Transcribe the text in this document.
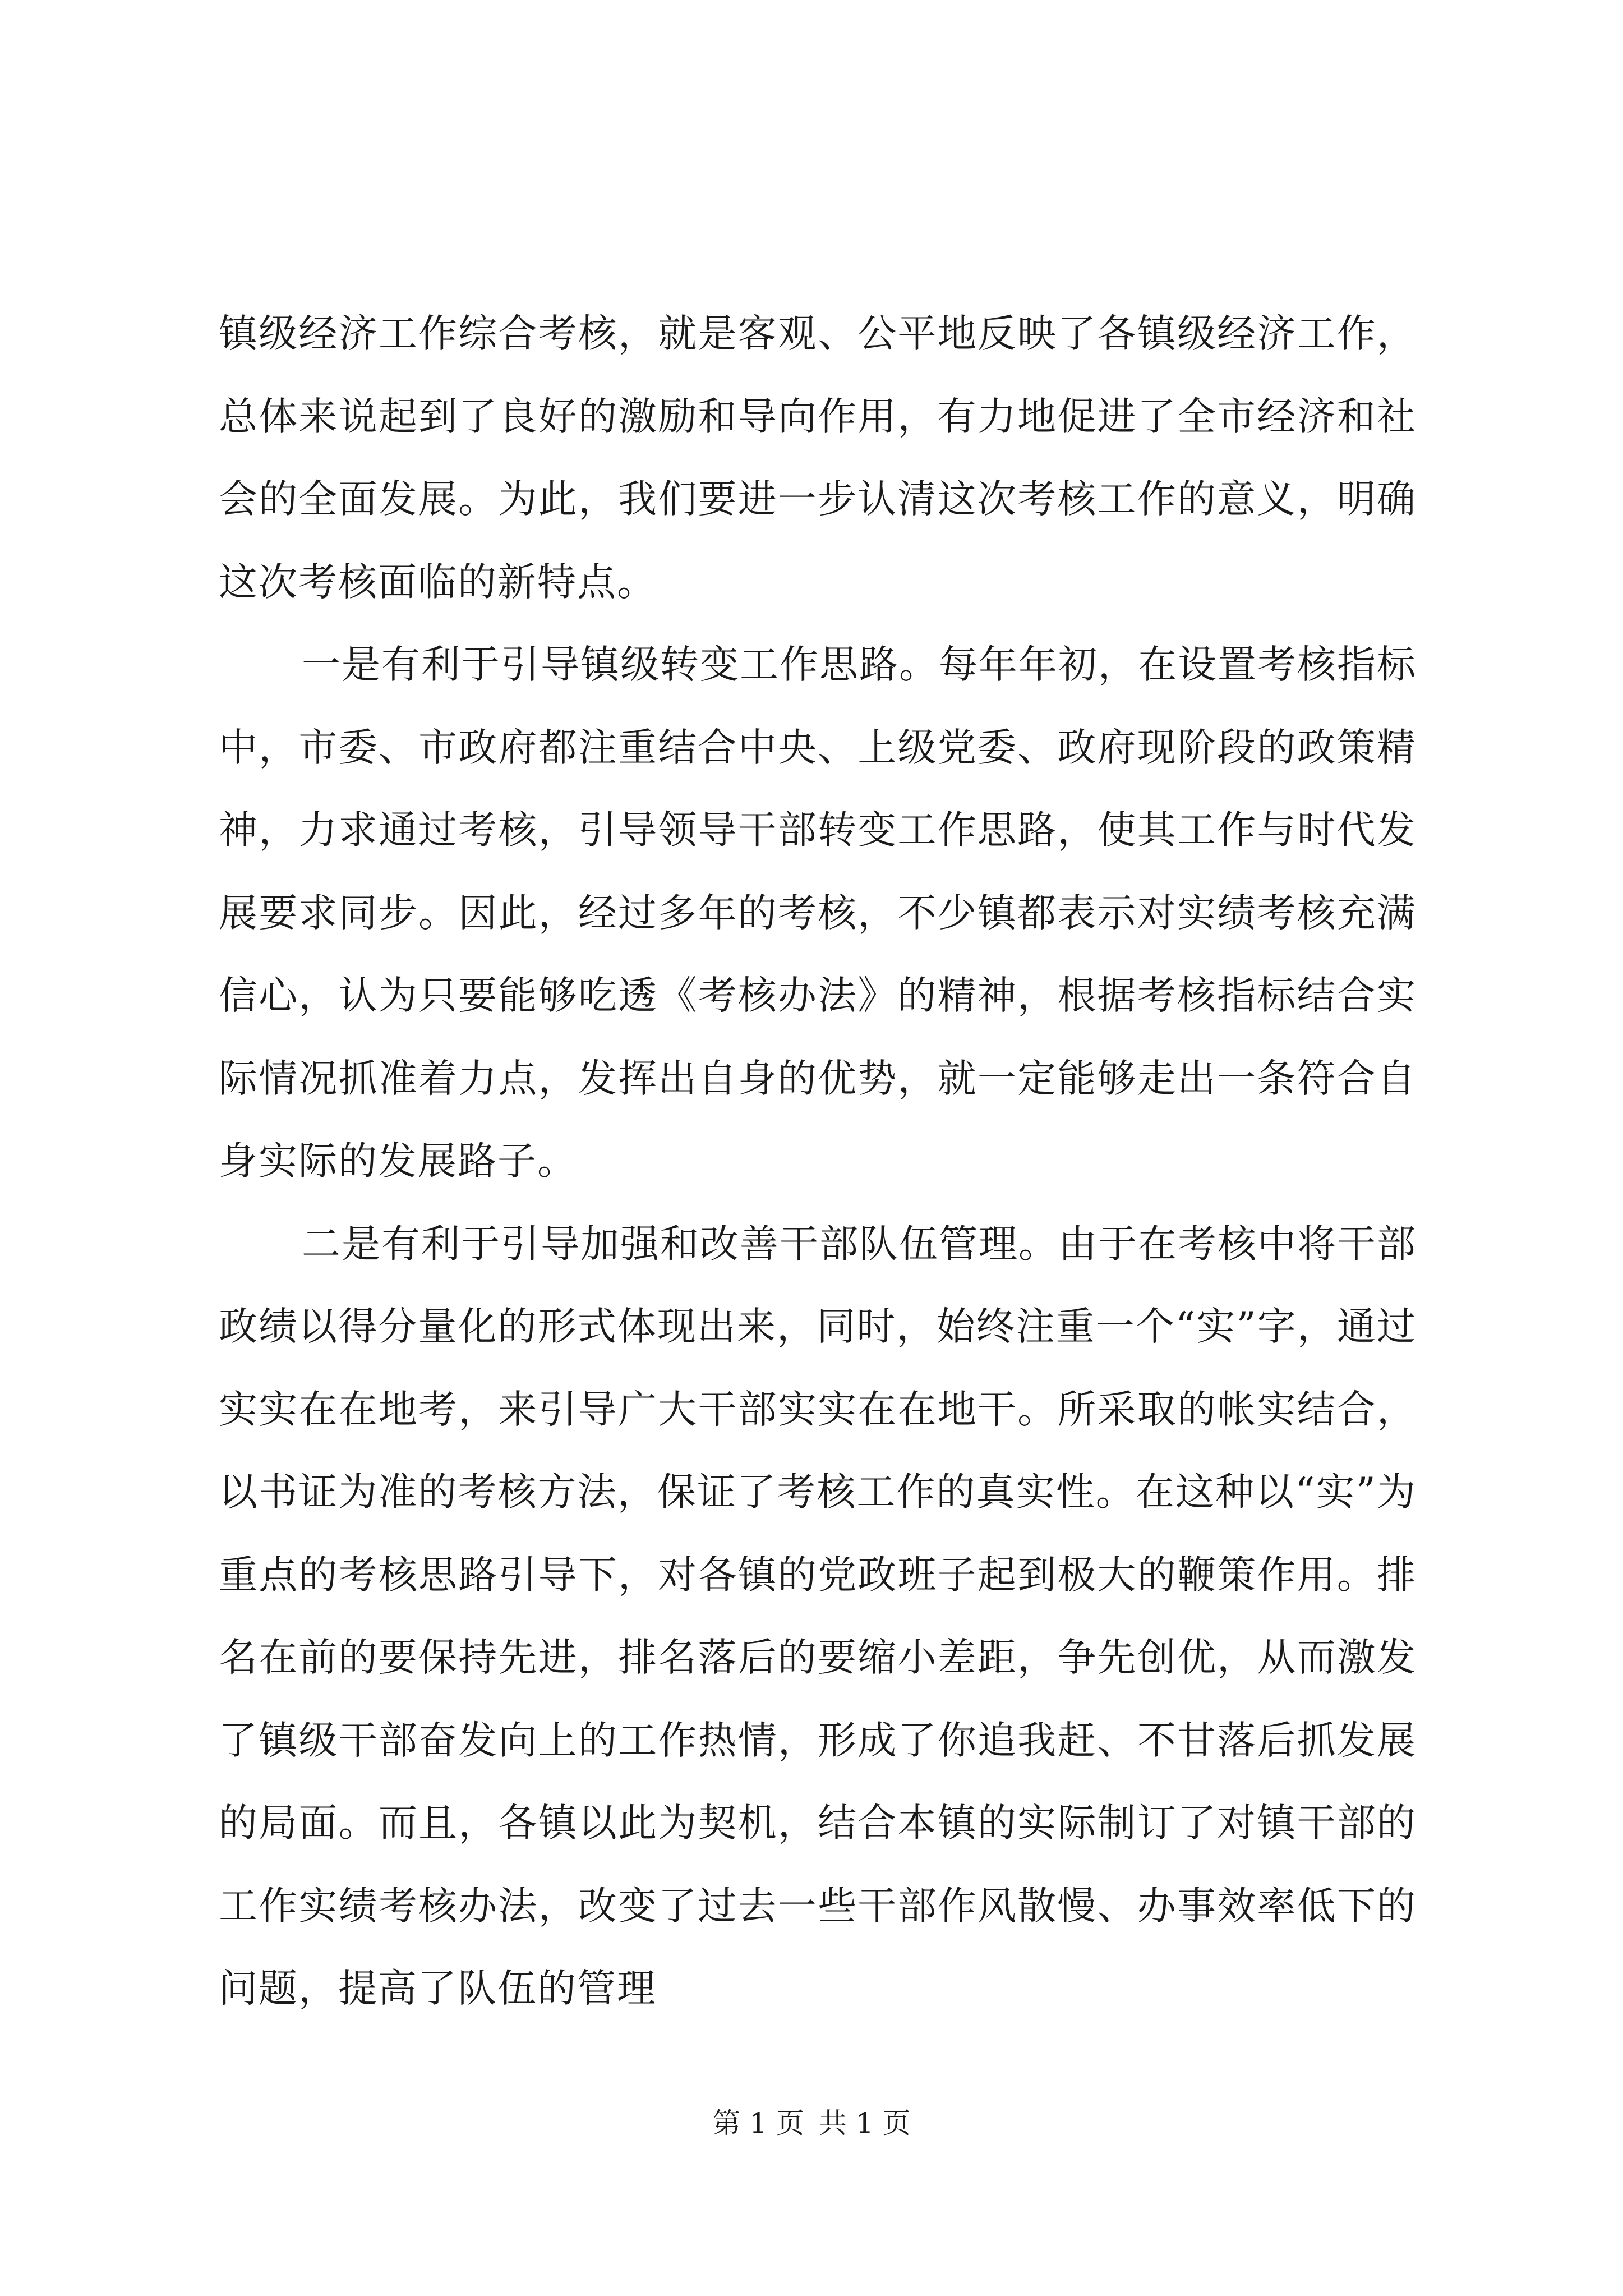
镇级经济工作综合考核，就是客观、公平地反映了各镇级经济工作，总体来说起到了良好的激励和导向作用，有力地促进了全市经济和社会的全面发展。为此，我们要进一步认清这次考核工作的意义，明确这次考核面临的新特点。

一是有利于引导镇级转变工作思路。每年年初，在设置考核指标中，市委、市政府都注重结合中央、上级党委、政府现阶段的政策精神，力求通过考核，引导领导干部转变工作思路，使其工作与时代发展要求同步。因此，经过多年的考核，不少镇都表示对实绩考核充满信心，认为只要能够吃透《考核办法》的精神，根据考核指标结合实际情况抓准着力点，发挥出自身的优势，就一定能够走出一条符合自身实际的发展路子。

二是有利于引导加强和改善干部队伍管理。由于在考核中将干部政绩以得分量化的形式体现出来，同时，始终注重一个“实”字，通过实实在在地考，来引导广大干部实实在在地干。所采取的帐实结合，以书证为准的考核方法，保证了考核工作的真实性。在这种以“实”为重点的考核思路引导下，对各镇的党政班子起到极大的鞭策作用。排名在前的要保持先进，排名落后的要缩小差距，争先创优，从而激发了镇级干部奋发向上的工作热情，形成了你追我赶、不甘落后抓发展的局面。而且，各镇以此为契机，结合本镇的实际制订了对镇干部的工作实绩考核办法，改变了过去一些干部作风散慢、办事效率低下的问题，提高了队伍的管理

第 1 页 共 1 页
